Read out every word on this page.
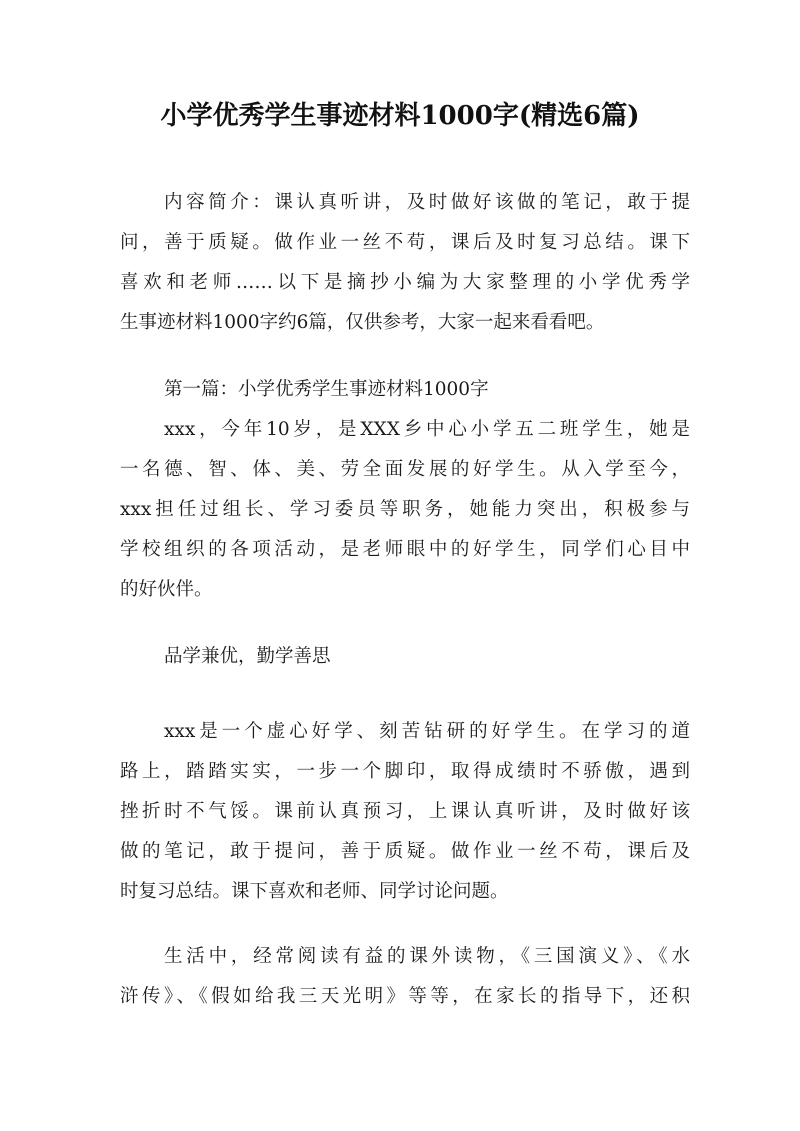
小学优秀学生事迹材料1000字(精选6篇)
内容简介：课认真听讲，及时做好该做的笔记，敢于提
问，善于质疑。做作业一丝不苟，课后及时复习总结。课下
喜欢和老师……以下是摘抄小编为大家整理的小学优秀学
生事迹材料1000字约6篇，仅供参考，大家一起来看看吧。
第一篇：小学优秀学生事迹材料1000字
xxx，今年10岁，是XXX乡中心小学五二班学生，她是
一名德、智、体、美、劳全面发展的好学生。从入学至今，
xxx担任过组长、学习委员等职务，她能力突出，积极参与
学校组织的各项活动，是老师眼中的好学生，同学们心目中
的好伙伴。
品学兼优，勤学善思
xxx是一个虚心好学、刻苦钻研的好学生。在学习的道
路上，踏踏实实，一步一个脚印，取得成绩时不骄傲，遇到
挫折时不气馁。课前认真预习，上课认真听讲，及时做好该
做的笔记，敢于提问，善于质疑。做作业一丝不苟，课后及
时复习总结。课下喜欢和老师、同学讨论问题。
生活中，经常阅读有益的课外读物，《三国演义》、《水
浒传》、《假如给我三天光明》等等，在家长的指导下，还积
